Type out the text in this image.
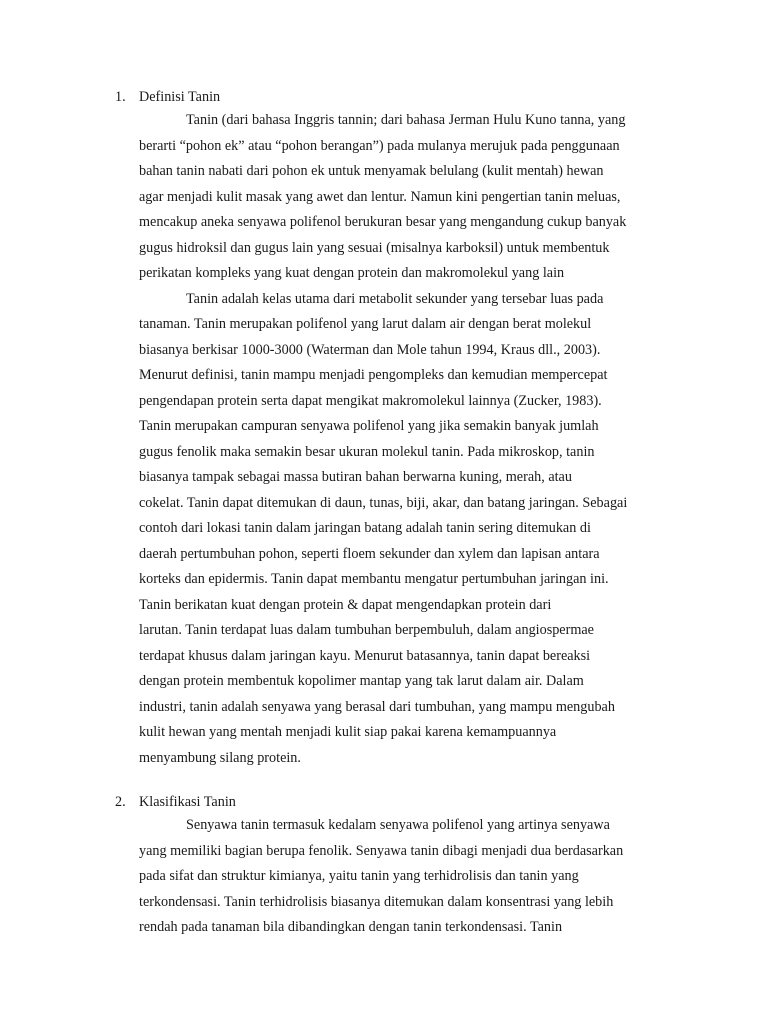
1. Definisi Tanin

Tanin (dari bahasa Inggris tannin; dari bahasa Jerman Hulu Kuno tanna, yang
berarti “pohon ek” atau “pohon berangan”) pada mulanya merujuk pada penggunaan
bahan tanin nabati dari pohon ek untuk menyamak belulang (kulit mentah) hewan
agar menjadi kulit masak yang awet dan lentur. Namun kini pengertian tanin meluas,
mencakup aneka senyawa polifenol berukuran besar yang mengandung cukup banyak
gugus hidroksil dan gugus lain yang sesuai (misalnya karboksil) untuk membentuk
perikatan kompleks yang kuat dengan protein dan makromolekul yang lain

Tanin adalah kelas utama dari metabolit sekunder yang tersebar luas pada
tanaman. Tanin merupakan polifenol yang larut dalam air dengan berat molekul
biasanya berkisar 1000-3000 (Waterman dan Mole tahun 1994, Kraus dll., 2003).
Menurut definisi, tanin mampu menjadi pengompleks dan kemudian mempercepat
pengendapan protein serta dapat mengikat makromolekul lainnya (Zucker, 1983).
Tanin merupakan campuran senyawa polifenol yang jika semakin banyak jumlah
gugus fenolik maka semakin besar ukuran molekul tanin. Pada mikroskop, tanin
biasanya tampak sebagai massa butiran bahan berwarna kuning, merah, atau
cokelat. Tanin dapat ditemukan di daun, tunas, biji, akar, dan batang jaringan. Sebagai
contoh dari lokasi tanin dalam jaringan batang adalah tanin sering ditemukan di
daerah pertumbuhan pohon, seperti floem sekunder dan xylem dan lapisan antara
korteks dan epidermis. Tanin dapat membantu mengatur pertumbuhan jaringan ini.
Tanin berikatan kuat dengan protein & dapat mengendapkan protein dari
larutan. Tanin terdapat luas dalam tumbuhan berpembuluh, dalam angiospermae
terdapat khusus dalam jaringan kayu. Menurut batasannya, tanin dapat bereaksi
dengan protein membentuk kopolimer mantap yang tak larut dalam air. Dalam
industri, tanin adalah senyawa yang berasal dari tumbuhan, yang mampu mengubah
kulit hewan yang mentah menjadi kulit siap pakai karena kemampuannya
menyambung silang protein.

2. Klasifikasi Tanin

Senyawa tanin termasuk kedalam senyawa polifenol yang artinya senyawa
yang memiliki bagian berupa fenolik. Senyawa tanin dibagi menjadi dua berdasarkan
pada sifat dan struktur kimianya, yaitu tanin yang terhidrolisis dan tanin yang
terkondensasi. Tanin terhidrolisis biasanya ditemukan dalam konsentrasi yang lebih
rendah pada tanaman bila dibandingkan dengan tanin terkondensasi. Tanin
